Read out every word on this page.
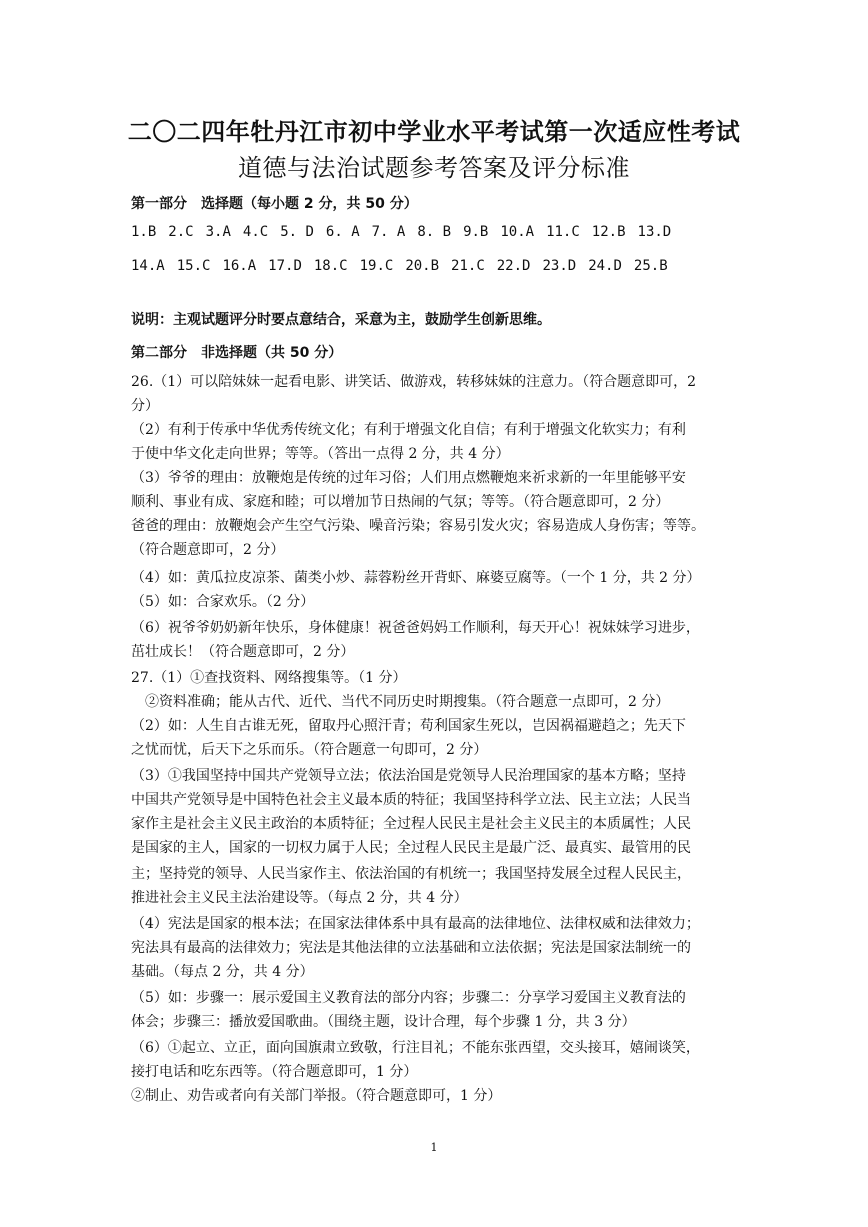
二〇二四年牡丹江市初中学业水平考试第一次适应性考试
道德与法治试题参考答案及评分标准
第一部分　选择题（每小题 2 分，共 50 分）
1.B 2.C 3.A 4.C 5. D 6. A 7. A 8. B 9.B 10.A 11.C 12.B 13.D
14.A 15.C 16.A 17.D 18.C 19.C 20.B 21.C 22.D 23.D 24.D 25.B
说明：主观试题评分时要点意结合，采意为主，鼓励学生创新思维。
第二部分　非选择题（共 50 分）
26.（1）可以陪妹妹一起看电影、讲笑话、做游戏，转移妹妹的注意力。（符合题意即可，2
分）
（2）有利于传承中华优秀传统文化；有利于增强文化自信；有利于增强文化软实力；有利
于使中华文化走向世界；等等。（答出一点得 2 分，共 4 分）
（3）爷爷的理由：放鞭炮是传统的过年习俗；人们用点燃鞭炮来祈求新的一年里能够平安
顺利、事业有成、家庭和睦；可以增加节日热闹的气氛；等等。（符合题意即可，2 分）
爸爸的理由：放鞭炮会产生空气污染、噪音污染；容易引发火灾；容易造成人身伤害；等等。
（符合题意即可，2 分）
（4）如：黄瓜拉皮凉茶、菌类小炒、蒜蓉粉丝开背虾、麻婆豆腐等。（一个 1 分，共 2 分）
（5）如：合家欢乐。（2 分）
（6）祝爷爷奶奶新年快乐，身体健康！祝爸爸妈妈工作顺利，每天开心！祝妹妹学习进步，
茁壮成长！（符合题意即可，2 分）
27.（1）①查找资料、网络搜集等。（1 分）
　②资料准确；能从古代、近代、当代不同历史时期搜集。（符合题意一点即可，2 分）
（2）如：人生自古谁无死，留取丹心照汗青；苟利国家生死以，岂因祸福避趋之；先天下
之忧而忧，后天下之乐而乐。（符合题意一句即可，2 分）
（3）①我国坚持中国共产党领导立法；依法治国是党领导人民治理国家的基本方略；坚持
中国共产党领导是中国特色社会主义最本质的特征；我国坚持科学立法、民主立法；人民当
家作主是社会主义民主政治的本质特征；全过程人民民主是社会主义民主的本质属性；人民
是国家的主人，国家的一切权力属于人民；全过程人民民主是最广泛、最真实、最管用的民
主；坚持党的领导、人民当家作主、依法治国的有机统一；我国坚持发展全过程人民民主，
推进社会主义民主法治建设等。（每点 2 分，共 4 分）
（4）宪法是国家的根本法；在国家法律体系中具有最高的法律地位、法律权威和法律效力；
宪法具有最高的法律效力；宪法是其他法律的立法基础和立法依据；宪法是国家法制统一的
基础。（每点 2 分，共 4 分）
（5）如：步骤一：展示爱国主义教育法的部分内容；步骤二：分享学习爱国主义教育法的
体会；步骤三：播放爱国歌曲。（围绕主题，设计合理，每个步骤 1 分，共 3 分）
（6）①起立、立正，面向国旗肃立致敬，行注目礼；不能东张西望，交头接耳，嬉闹谈笑，
接打电话和吃东西等。（符合题意即可，1 分）
②制止、劝告或者向有关部门举报。（符合题意即可，1 分）
1
